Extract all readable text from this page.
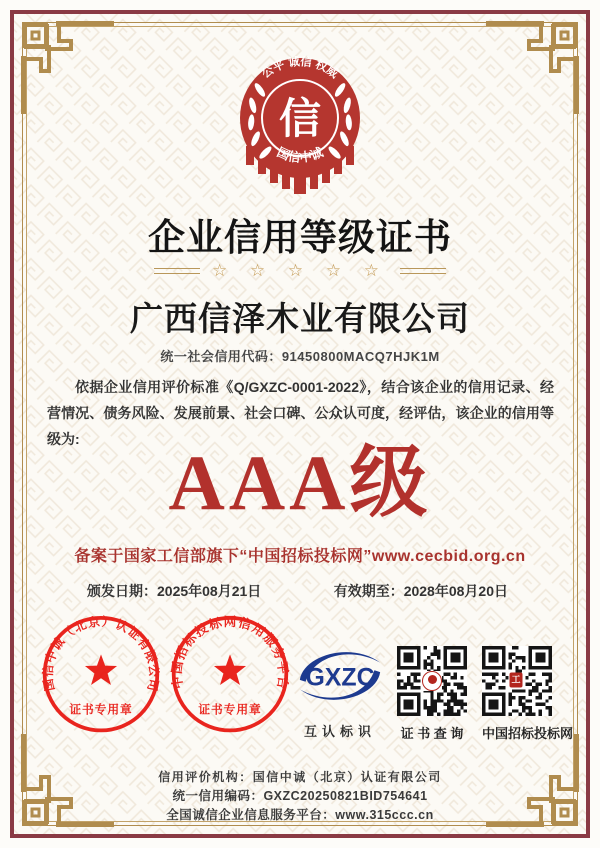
公平 诚信 权威
信
国信中诚
企业信用等级证书
☆ ☆ ☆ ☆ ☆
广西信泽木业有限公司
统一社会信用代码：91450800MACQ7HJK1M
依据企业信用评价标准《Q/GXZC-0001-2022》，结合该企业的信用记录、经营情况、债务风险、发展前景、社会口碑、公众认可度，经评估，该企业的信用等级为:	AAA级
备案于国家工信部旗下“中国招标投标网”www.cecbid.org.cn
颁发日期：2025年08月21日	有效期至：2028年08月20日
国信中诚（北京）认证有限公司
证书专用章
中国招标投标网信用服务平台
证书专用章
GXZC
互认标识	证 书 查 询
工
中国招标投标网
信用评价机构：国信中诚（北京）认证有限公司
统一信用编码：GXZC20250821BID754641
全国诚信企业信息服务平台：www.315ccc.cn
